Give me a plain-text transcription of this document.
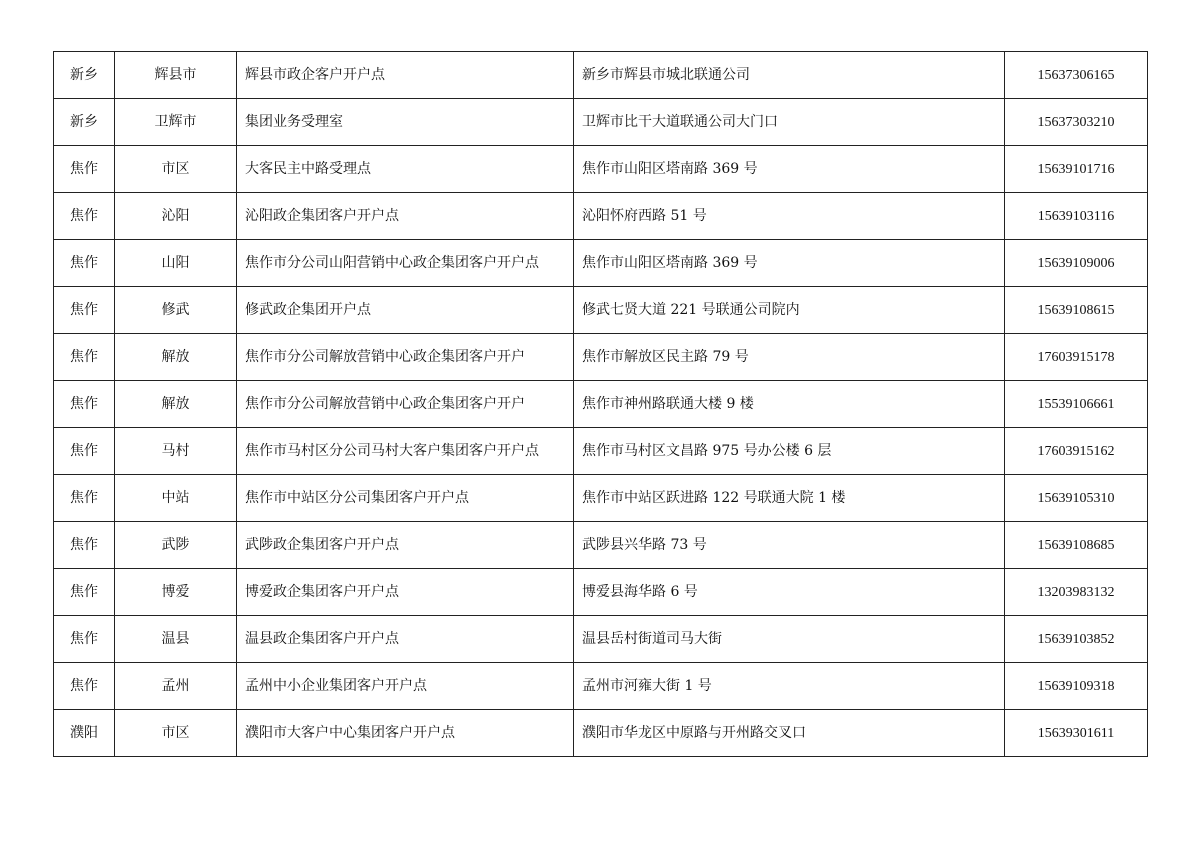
新乡	辉县市	辉县市政企客户开户点	新乡市辉县市城北联通公司	15637306165
新乡	卫辉市	集团业务受理室	卫辉市比干大道联通公司大门口	15637303210
焦作	市区	大客民主中路受理点	焦作市山阳区塔南路 369 号	15639101716
焦作	沁阳	沁阳政企集团客户开户点	沁阳怀府西路 51 号	15639103116
焦作	山阳	焦作市分公司山阳营销中心政企集团客户开户点	焦作市山阳区塔南路 369 号	15639109006
焦作	修武	修武政企集团开户点	修武七贤大道 221 号联通公司院内	15639108615
焦作	解放	焦作市分公司解放营销中心政企集团客户开户	焦作市解放区民主路 79 号	17603915178
焦作	解放	焦作市分公司解放营销中心政企集团客户开户	焦作市神州路联通大楼 9 楼	15539106661
焦作	马村	焦作市马村区分公司马村大客户集团客户开户点	焦作市马村区文昌路 975 号办公楼 6 层	17603915162
焦作	中站	焦作市中站区分公司集团客户开户点	焦作市中站区跃进路 122 号联通大院 1 楼	15639105310
焦作	武陟	武陟政企集团客户开户点	武陟县兴华路 73 号	15639108685
焦作	博爱	博爱政企集团客户开户点	博爱县海华路 6 号	13203983132
焦作	温县	温县政企集团客户开户点	温县岳村街道司马大街	15639103852
焦作	孟州	孟州中小企业集团客户开户点	孟州市河雍大街 1 号	15639109318
濮阳	市区	濮阳市大客户中心集团客户开户点	濮阳市华龙区中原路与开州路交叉口	15639301611
